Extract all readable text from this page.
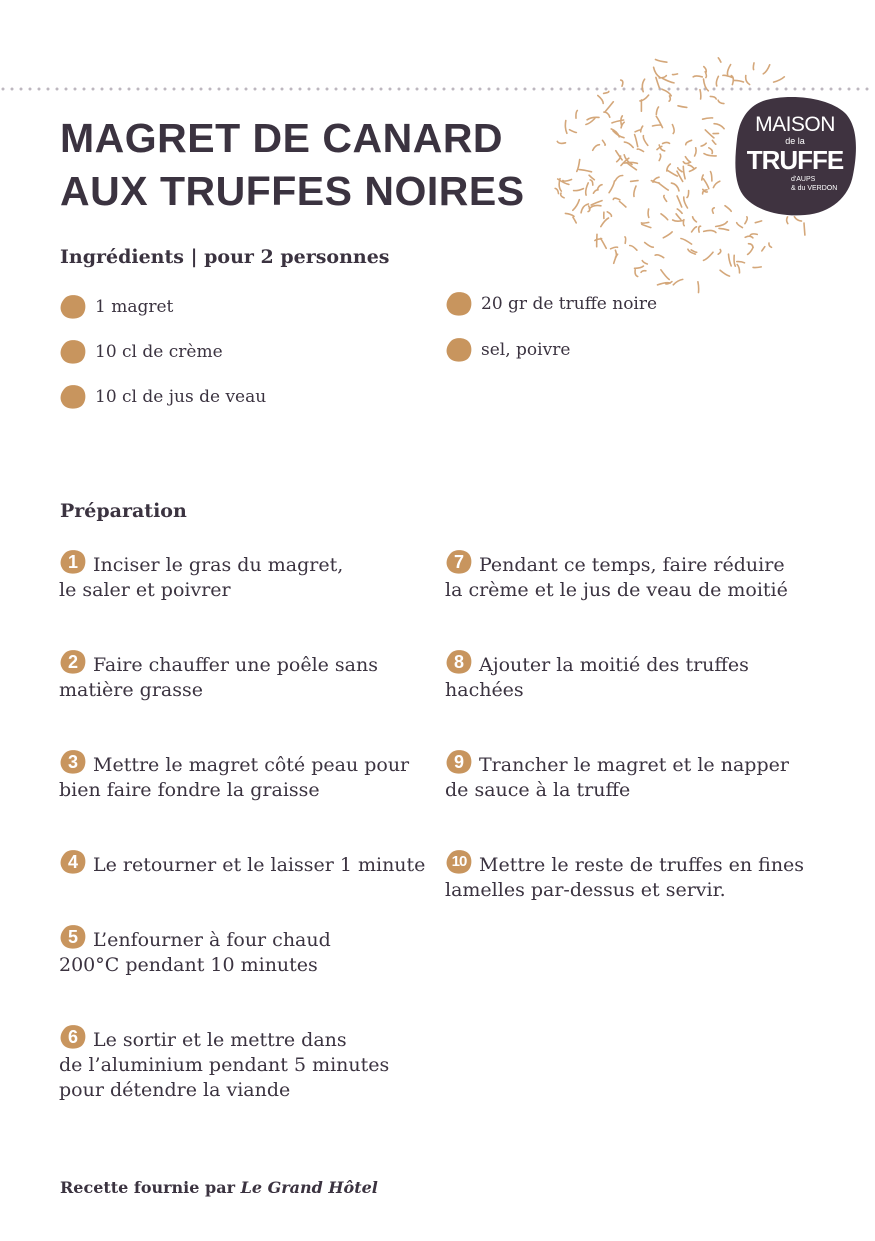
MAISON
de la
TRUFFE
d'AUPS
& du VERDON
MAGRET DE CANARD
AUX TRUFFES NOIRES
Ingrédients | pour 2 personnes
1 magret
10 cl de crème
10 cl de jus de veau
20 gr de truffe noire
sel, poivre
Préparation
1 Inciser le gras du magret,
le saler et poivrer
2 Faire chauffer une poêle sans
matière grasse
3 Mettre le magret côté peau pour
bien faire fondre la graisse
4 Le retourner et le laisser 1 minute
5 L’enfourner à four chaud
200°C pendant 10 minutes
6 Le sortir et le mettre dans
de l’aluminium pendant 5 minutes
pour détendre la viande
7 Pendant ce temps, faire réduire
la crème et le jus de veau de moitié
8 Ajouter la moitié des truffes
hachées
9 Trancher le magret et le napper
de sauce à la truffe
10 Mettre le reste de truffes en fines
lamelles par-dessus et servir.
Recette fournie par Le Grand Hôtel
